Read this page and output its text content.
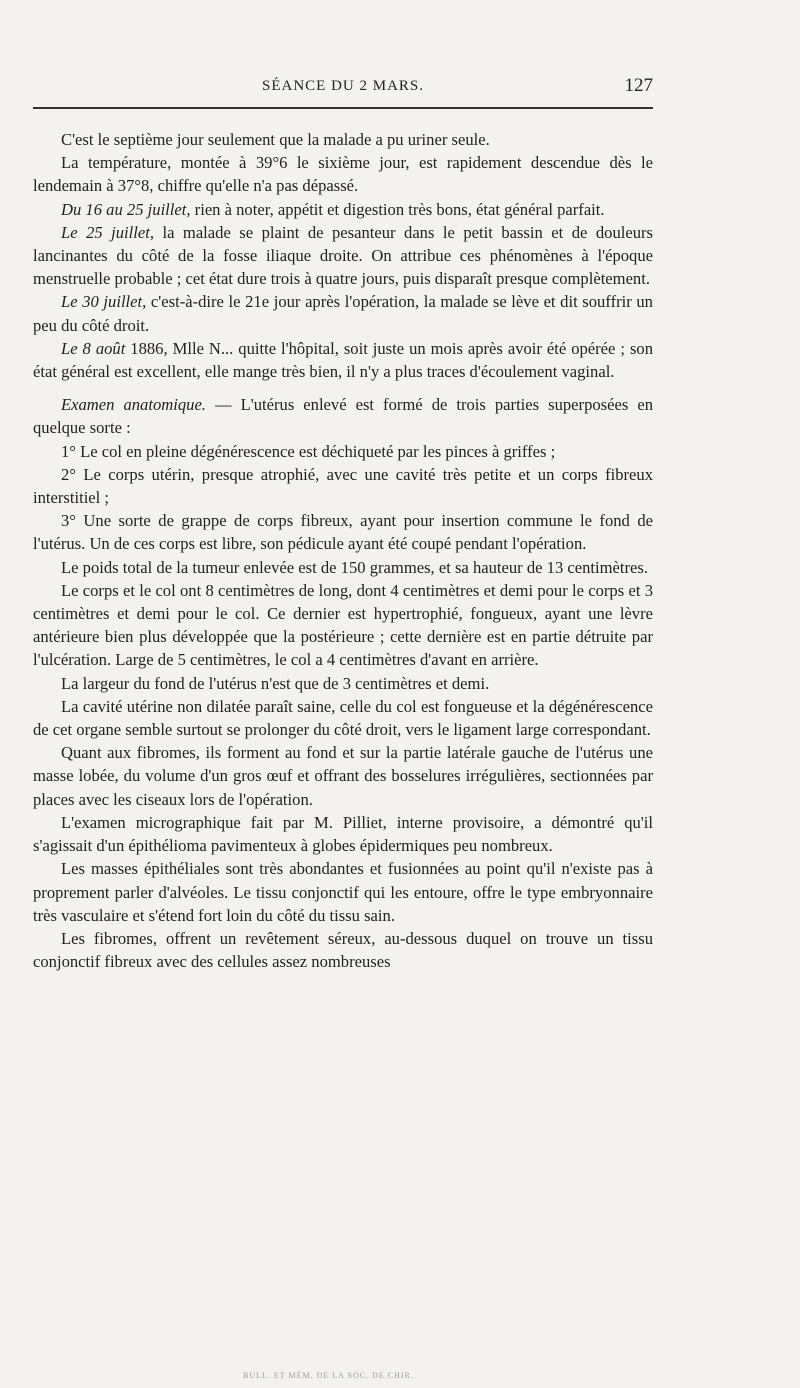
SÉANCE DU 2 MARS.	127

C'est le septième jour seulement que la malade a pu uriner seule.

La température, montée à 39°6 le sixième jour, est rapidement descendue dès le lendemain à 37°8, chiffre qu'elle n'a pas dépassé.

Du 16 au 25 juillet, rien à noter, appétit et digestion très bons, état général parfait.

Le 25 juillet, la malade se plaint de pesanteur dans le petit bassin et de douleurs lancinantes du côté de la fosse iliaque droite. On attribue ces phénomènes à l'époque menstruelle probable ; cet état dure trois à quatre jours, puis disparaît presque complètement.

Le 30 juillet, c'est-à-dire le 21e jour après l'opération, la malade se lève et dit souffrir un peu du côté droit.

Le 8 août 1886, Mlle N... quitte l'hôpital, soit juste un mois après avoir été opérée ; son état général est excellent, elle mange très bien, il n'y a plus traces d'écoulement vaginal.

Examen anatomique. — L'utérus enlevé est formé de trois parties superposées en quelque sorte :

1° Le col en pleine dégénérescence est déchiqueté par les pinces à griffes ;

2° Le corps utérin, presque atrophié, avec une cavité très petite et un corps fibreux interstitiel ;

3° Une sorte de grappe de corps fibreux, ayant pour insertion commune le fond de l'utérus. Un de ces corps est libre, son pédicule ayant été coupé pendant l'opération.

Le poids total de la tumeur enlevée est de 150 grammes, et sa hauteur de 13 centimètres.

Le corps et le col ont 8 centimètres de long, dont 4 centimètres et demi pour le corps et 3 centimètres et demi pour le col. Ce dernier est hypertrophié, fongueux, ayant une lèvre antérieure bien plus développée que la postérieure ; cette dernière est en partie détruite par l'ulcération. Large de 5 centimètres, le col a 4 centimètres d'avant en arrière.

La largeur du fond de l'utérus n'est que de 3 centimètres et demi.

La cavité utérine non dilatée paraît saine, celle du col est fongueuse et la dégénérescence de cet organe semble surtout se prolonger du côté droit, vers le ligament large correspondant.

Quant aux fibromes, ils forment au fond et sur la partie latérale gauche de l'utérus une masse lobée, du volume d'un gros œuf et offrant des bosselures irrégulières, sectionnées par places avec les ciseaux lors de l'opération.

L'examen micrographique fait par M. Pilliet, interne provisoire, a démontré qu'il s'agissait d'un épithélioma pavimenteux à globes épidermiques peu nombreux.

Les masses épithéliales sont très abondantes et fusionnées au point qu'il n'existe pas à proprement parler d'alvéoles. Le tissu conjonctif qui les entoure, offre le type embryonnaire très vasculaire et s'étend fort loin du côté du tissu sain.

Les fibromes, offrent un revêtement séreux, au-dessous duquel on trouve un tissu conjonctif fibreux avec des cellules assez nombreuses

BULL. ET MÉM. DE LA SOC. DE CHIR.
